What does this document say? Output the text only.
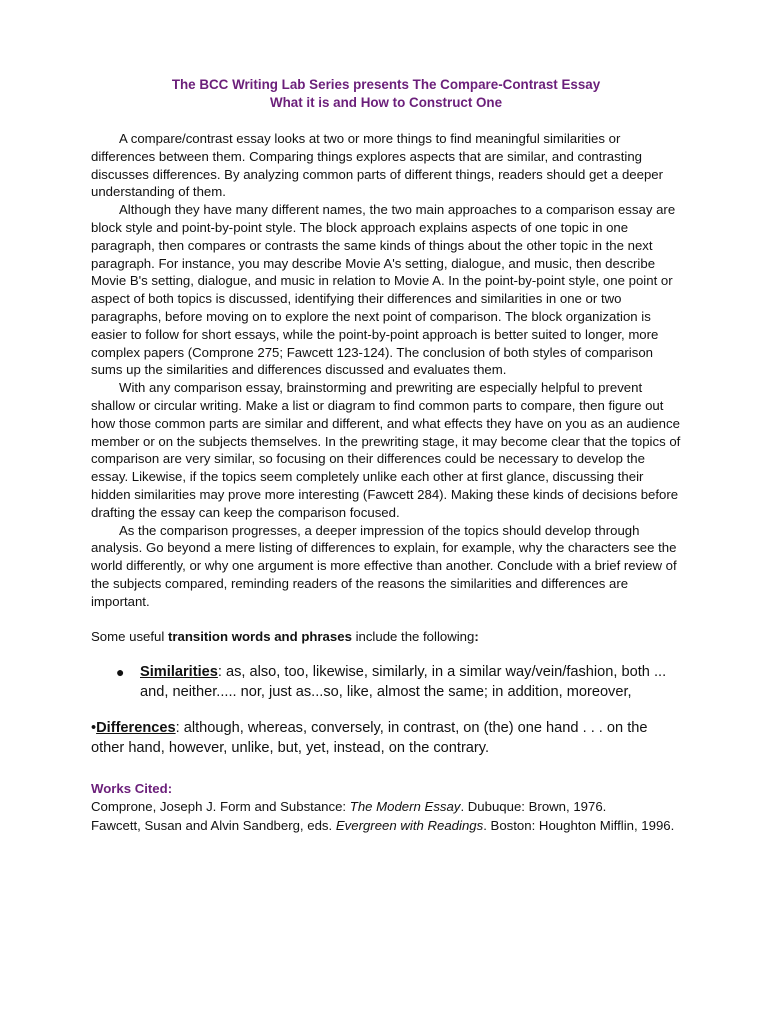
The BCC Writing Lab Series presents The Compare-Contrast Essay

What it is and How to Construct One

A compare/contrast essay looks at two or more things to find meaningful similarities or differences between them. Comparing things explores aspects that are similar, and contrasting discusses differences. By analyzing common parts of different things, readers should get a deeper understanding of them.

Although they have many different names, the two main approaches to a comparison essay are block style and point-by-point style. The block approach explains aspects of one topic in one paragraph, then compares or contrasts the same kinds of things about the other topic in the next paragraph. For instance, you may describe Movie A's setting, dialogue, and music, then describe Movie B's setting, dialogue, and music in relation to Movie A. In the point-by-point style, one point or aspect of both topics is discussed, identifying their differences and similarities in one or two paragraphs, before moving on to explore the next point of comparison. The block organization is easier to follow for short essays, while the point-by-point approach is better suited to longer, more complex papers (Comprone 275; Fawcett 123-124). The conclusion of both styles of comparison sums up the similarities and differences discussed and evaluates them.

With any comparison essay, brainstorming and prewriting are especially helpful to prevent shallow or circular writing. Make a list or diagram to find common parts to compare, then figure out how those common parts are similar and different, and what effects they have on you as an audience member or on the subjects themselves. In the prewriting stage, it may become clear that the topics of comparison are very similar, so focusing on their differences could be necessary to develop the essay. Likewise, if the topics seem completely unlike each other at first glance, discussing their hidden similarities may prove more interesting (Fawcett 284). Making these kinds of decisions before drafting the essay can keep the comparison focused.

As the comparison progresses, a deeper impression of the topics should develop through analysis. Go beyond a mere listing of differences to explain, for example, why the characters see the world differently, or why one argument is more effective than another. Conclude with a brief review of the subjects compared, reminding readers of the reasons the similarities and differences are important.

Some useful transition words and phrases include the following:

● Similarities: as, also, too, likewise, similarly, in a similar way/vein/fashion, both ... and, neither..... nor, just as...so, like, almost the same; in addition, moreover,

•Differences: although, whereas, conversely, in contrast, on (the) one hand . . . on the other hand, however, unlike, but, yet, instead, on the contrary.

Works Cited:

Comprone, Joseph J. Form and Substance: The Modern Essay. Dubuque: Brown, 1976.

Fawcett, Susan and Alvin Sandberg, eds. Evergreen with Readings. Boston: Houghton Mifflin, 1996.
